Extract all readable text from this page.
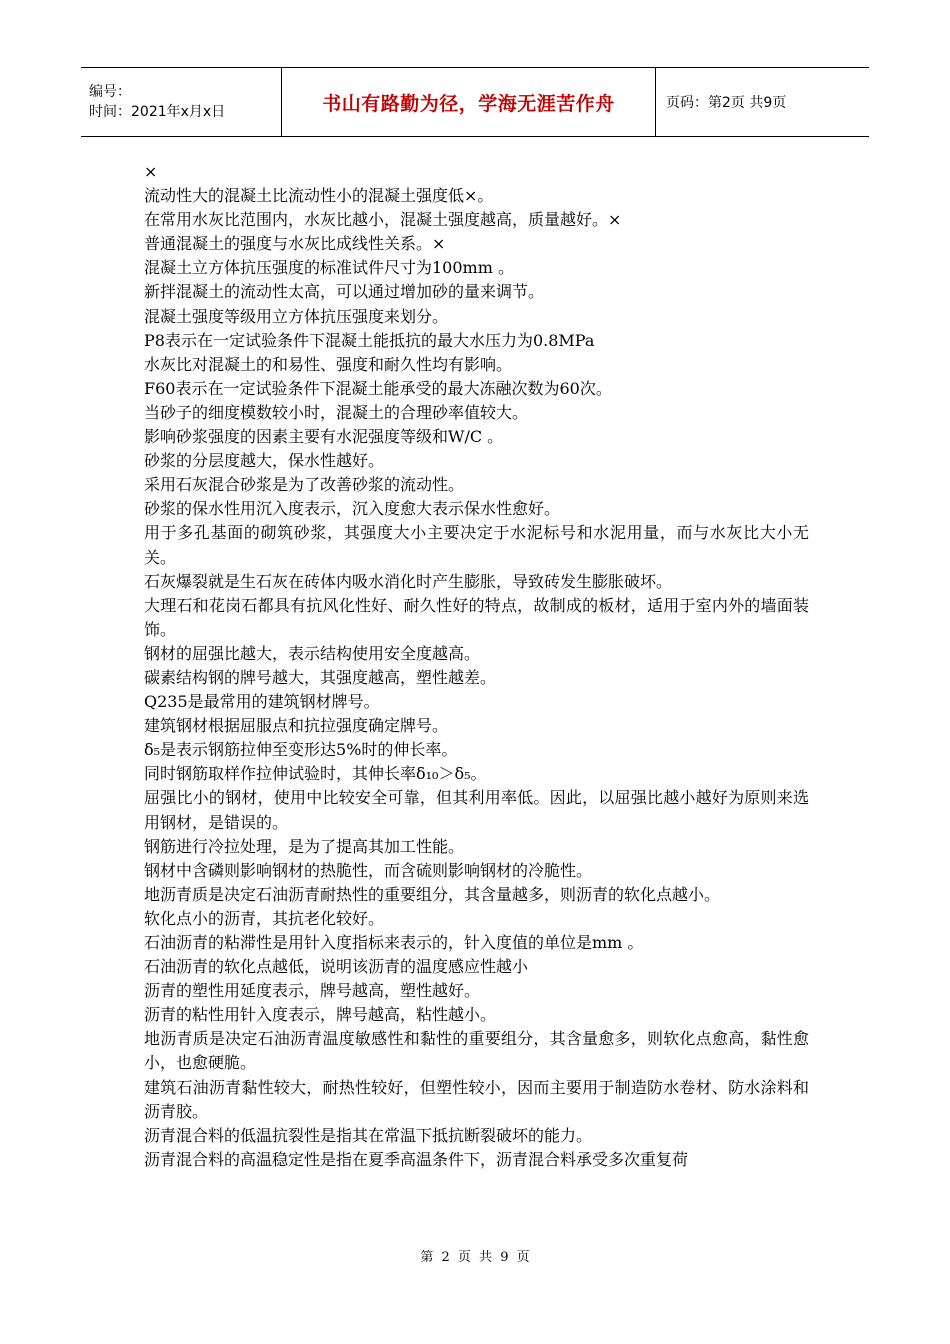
编号：
时间：2021年x月x日	书山有路勤为径，学海无涯苦作舟	页码：第2页 共9页

×

流动性大的混凝土比流动性小的混凝土强度低×。

在常用水灰比范围内，水灰比越小，混凝土强度越高，质量越好。×

普通混凝土的强度与水灰比成线性关系。×

混凝土立方体抗压强度的标准试件尺寸为100mm 。

新拌混凝土的流动性太高，可以通过增加砂的量来调节。

混凝土强度等级用立方体抗压强度来划分。

P8表示在一定试验条件下混凝土能抵抗的最大水压力为0.8MPa

水灰比对混凝土的和易性、强度和耐久性均有影响。

F60表示在一定试验条件下混凝土能承受的最大冻融次数为60次。

当砂子的细度模数较小时，混凝土的合理砂率值较大。

影响砂浆强度的因素主要有水泥强度等级和W/C 。

砂浆的分层度越大，保水性越好。

采用石灰混合砂浆是为了改善砂浆的流动性。

砂浆的保水性用沉入度表示，沉入度愈大表示保水性愈好。

用于多孔基面的砌筑砂浆，其强度大小主要决定于水泥标号和水泥用量，而与水灰比大小无关。

石灰爆裂就是生石灰在砖体内吸水消化时产生膨胀，导致砖发生膨胀破坏。

大理石和花岗石都具有抗风化性好、耐久性好的特点，故制成的板材，适用于室内外的墙面装饰。

钢材的屈强比越大，表示结构使用安全度越高。

碳素结构钢的牌号越大，其强度越高，塑性越差。

Q235是最常用的建筑钢材牌号。

建筑钢材根据屈服点和抗拉强度确定牌号。

δ₅是表示钢筋拉伸至变形达5%时的伸长率。

同时钢筋取样作拉伸试验时，其伸长率δ₁₀＞δ₅。

屈强比小的钢材，使用中比较安全可靠，但其利用率低。因此，以屈强比越小越好为原则来选用钢材，是错误的。

钢筋进行冷拉处理，是为了提高其加工性能。

钢材中含磷则影响钢材的热脆性，而含硫则影响钢材的冷脆性。

地沥青质是决定石油沥青耐热性的重要组分，其含量越多，则沥青的软化点越小。

软化点小的沥青，其抗老化较好。

石油沥青的粘滞性是用针入度指标来表示的，针入度值的单位是mm 。

石油沥青的软化点越低，说明该沥青的温度感应性越小

沥青的塑性用延度表示，牌号越高，塑性越好。

沥青的粘性用针入度表示，牌号越高，粘性越小。

地沥青质是决定石油沥青温度敏感性和黏性的重要组分，其含量愈多，则软化点愈高，黏性愈小，也愈硬脆。

建筑石油沥青黏性较大，耐热性较好，但塑性较小，因而主要用于制造防水卷材、防水涂料和沥青胶。

沥青混合料的低温抗裂性是指其在常温下抵抗断裂破坏的能力。

沥青混合料的高温稳定性是指在夏季高温条件下，沥青混合料承受多次重复荷

第 2 页 共 9 页
